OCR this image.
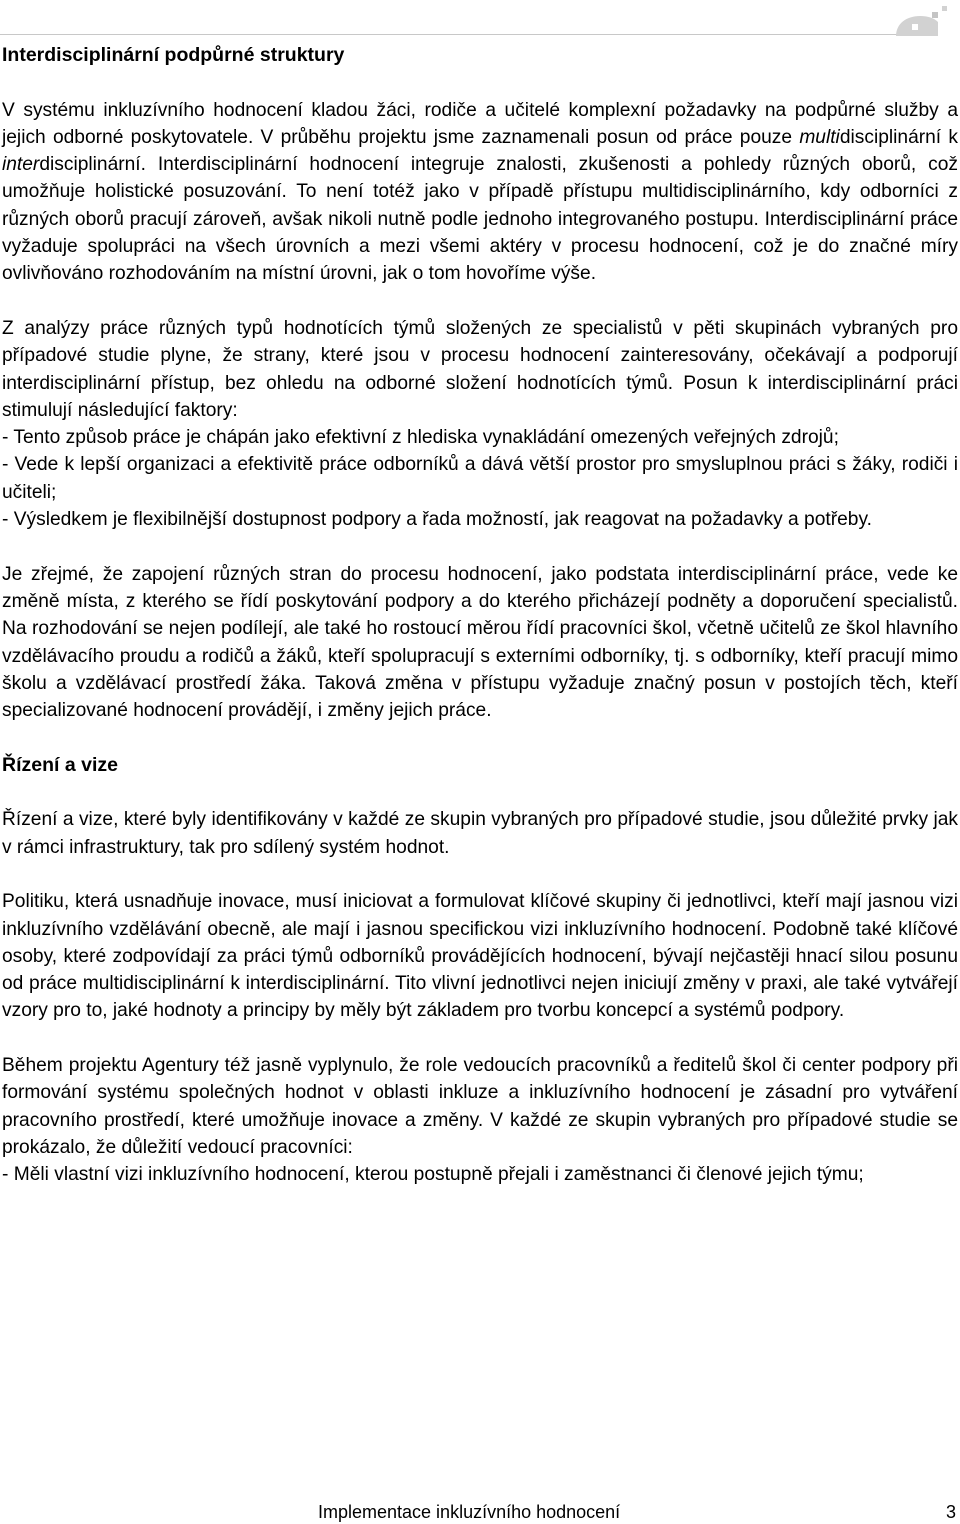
Interdisciplinární podpůrné struktury

V systému inkluzívního hodnocení kladou žáci, rodiče a učitelé komplexní požadavky na podpůrné služby a jejich odborné poskytovatele. V průběhu projektu jsme zaznamenali posun od práce pouze multidisciplinární k interdisciplinární. Interdisciplinární hodnocení integruje znalosti, zkušenosti a pohledy různých oborů, což umožňuje holistické posuzování. To není totéž jako v případě přístupu multidisciplinárního, kdy odborníci z různých oborů pracují zároveň, avšak nikoli nutně podle jednoho integrovaného postupu. Interdisciplinární práce vyžaduje spolupráci na všech úrovních a mezi všemi aktéry v procesu hodnocení, což je do značné míry ovlivňováno rozhodováním na místní úrovni, jak o tom hovoříme výše.

Z analýzy práce různých typů hodnotících týmů složených ze specialistů v pěti skupinách vybraných pro případové studie plyne, že strany, které jsou v procesu hodnocení zainteresovány, očekávají a podporují interdisciplinární přístup, bez ohledu na odborné složení hodnotících týmů. Posun k interdisciplinární práci stimulují následující faktory:

- Tento způsob práce je chápán jako efektivní z hlediska vynakládání omezených veřejných zdrojů;

- Vede k lepší organizaci a efektivitě práce odborníků a dává větší prostor pro smysluplnou práci s žáky, rodiči i učiteli;

- Výsledkem je flexibilnější dostupnost podpory a řada možností, jak reagovat na požadavky a potřeby.

Je zřejmé, že zapojení různých stran do procesu hodnocení, jako podstata interdisciplinární práce, vede ke změně místa, z kterého se řídí poskytování podpory a do kterého přicházejí podněty a doporučení specialistů. Na rozhodování se nejen podílejí, ale také ho rostoucí měrou řídí pracovníci škol, včetně učitelů ze škol hlavního vzdělávacího proudu a rodičů a žáků, kteří spolupracují s externími odborníky, tj. s odborníky, kteří pracují mimo školu a vzdělávací prostředí žáka. Taková změna v přístupu vyžaduje značný posun v postojích těch, kteří specializované hodnocení provádějí, i změny jejich práce.

Řízení a vize

Řízení a vize, které byly identifikovány v každé ze skupin vybraných pro případové studie, jsou důležité prvky jak v rámci infrastruktury, tak pro sdílený systém hodnot.

Politiku, která usnadňuje inovace, musí iniciovat a formulovat klíčové skupiny či jednotlivci, kteří mají jasnou vizi inkluzívního vzdělávání obecně, ale mají i jasnou specifickou vizi inkluzívního hodnocení. Podobně také klíčové osoby, které zodpovídají za práci týmů odborníků provádějících hodnocení, bývají nejčastěji hnací silou posunu od práce multidisciplinární k interdisciplinární. Tito vlivní jednotlivci nejen iniciují změny v praxi, ale také vytvářejí vzory pro to, jaké hodnoty a principy by měly být základem pro tvorbu koncepcí a systémů podpory.

Během projektu Agentury též jasně vyplynulo, že role vedoucích pracovníků a ředitelů škol či center podpory při formování systému společných hodnot v oblasti inkluze a inkluzívního hodnocení je zásadní pro vytváření pracovního prostředí, které umožňuje inovace a změny. V každé ze skupin vybraných pro případové studie se prokázalo, že důležití vedoucí pracovníci:

- Měli vlastní vizi inkluzívního hodnocení, kterou postupně přejali i zaměstnanci či členové jejich týmu;

Implementace inkluzívního hodnocení	3
